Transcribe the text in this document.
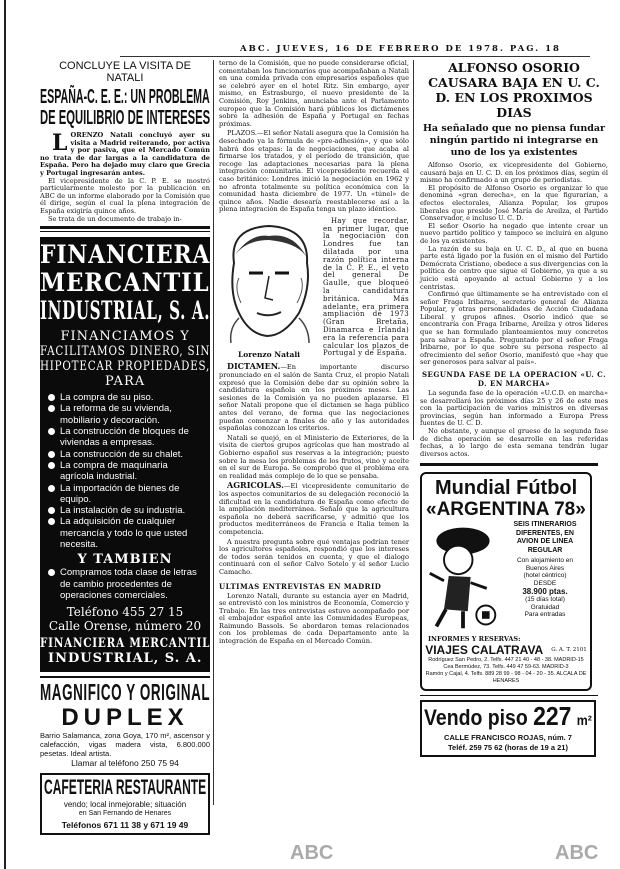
ABC. JUEVES, 16 DE FEBRERO DE 1978. PAG. 18
CONCLUYE LA VISITA DE NATALI
ESPAÑA-C. E. E.: UN PROBLEMA
DE EQUILIBRIO DE INTERESES
L ORENZO Natali concluyó ayer su visita a Madrid reiterando, por activa y por pasiva, que el Mercado Común no trata de dar largas a la candidatura de España. Pero ha dejado muy claro que Grecia y Portugal ingresarán antes.

El vicepresidente de la C. P. E. se mostró particularmente molesto por la publicación en ABC de un informe elaborado por la Comisión que él dirige, según el cual la plena integración de España exigiría quince años.

Se trata de un documento de trabajo in-

FINANCIERA
MERCANTIL
INDUSTRIAL, S. A.
FINANCIAMOS Y
FACILITAMOS DINERO, SIN
HIPOTECAR PROPIEDADES,
PARA
La compra de su piso.
La reforma de su vivienda, mobiliario y decoración.
La construcción de bloques de viviendas a empresas.
La construcción de su chalet.
La compra de maquinaria agrícola industrial.
La importación de bienes de equipo.
La instalación de su industria.
La adquisición de cualquier mercancía y todo lo que usted necesita.
Y TAMBIEN
Compramos toda clase de letras de cambio procedentes de operaciones comerciales.
Teléfono 455 27 15
Calle Orense, número 20
FINANCIERA MERCANTIL
INDUSTRIAL, S. A.
MAGNIFICO Y ORIGINAL
DUPLEX
Barrio Salamanca, zona Goya, 170 m², ascensor y calefacción, vigas madera vista, 6.800.000 pesetas. Ideal artista.
Llamar al teléfono 250 75 94
CAFETERIA RESTAURANTE
vendo; local inmejorable; situación
en San Fernando de Henares
Teléfonos 671 11 38 y 671 19 49

terno de la Comisión, que no puede considerarse oficial, comentaban los funcionarios que acompañaban a Natali en una comida privada con empresarios españoles que se celebró ayer en el hotel Ritz. Sin embargo, ayer mismo, en Estrasburgo, el nuevo presidente de la Comisión, Roy Jenkins, anunciaba ante el Parlamento europeo que la Comisión hará públicos los dictámenes sobre la adhesión de España y Portugal en fechas próximas.

PLAZOS.—El señor Natali asegura que la Comisión ha desechado ya la fórmula de «pre-adhesión», y que sólo habrá dos etapas: la de negociaciones, que acaba al firmarse los tratados, y el período de transición, que recoge las adaptaciones necesarias para la plena integración comunitaria. El vicepresidente recuerda el caso británico: Londres inició la negociación en 1962 y no afronta totalmente su política económica con la comunidad hasta diciembre de 1977. Un «túnel» de quince años. Nadie desearía reestablecerse así a la plena integración de España tenga un plazo idéntico.

Lorenzo Natali

Hay que recordar, en primer lugar, que la negociación con Londres fue tan dilatada por una razón política interna de la C. P. E., el veto del general De Gaulle, que bloqueó la candidatura británica. Más adelante, era primera ampliación de 1973 (Gran Bretaña, Dinamarca e Irlanda) era la referencia para calcular los plazos de Portugal y de España.

DICTAMEN.—En importante discurso pronunciado en el salón de Santa Cruz, el propio Natali expresó que la Comisión debe dar su opinión sobre la candidatura española en los próximos meses. Las sesiones de la Comisión ya no pueden aplazarse. El señor Natali propone que el dictamen se haga público antes del verano, de forma que las negociaciones puedan comenzar a finales de año y las autoridades españolas conozcan los criterios.

Natali se quejó, en el Ministerio de Exteriores, de la visita de ciertos grupos agrícolas que han mostrado al Gobierno español sus reservas a la integración; puesto sobre la mesa los problemas de los frutos, vino y aceite en el sur de Europa. Se comprobó que el problema era en realidad más complejo de lo que se pensaba.

AGRICOLAS.—El vicepresidente comunitario de los aspectos comunitarios de su delegación reconoció la dificultad en la candidatura de España como efecto de la ampliación mediterránea. Señaló que la agricultura española no deberá sacrificarse, y admitió que los productos mediterráneos de Francia e Italia temen la competencia.

A nuestra pregunta sobre qué ventajas podrían tener los agricultores españoles, respondió que los intereses de todos serán tenidos en cuenta, y que el dialogo continuará con el señor Calvo Sotelo y el señor Lucio Camacho.

ULTIMAS ENTREVISTAS EN MADRID

Lorenzo Natali, durante su estancia ayer en Madrid, se entrevistó con los ministros de Economía, Comercio y Trabajo. En las tres entrevistas estuvo acompañado por el embajador español ante las Comunidades Europeas, Raimundo Bassols. Se abordaron temas relacionados con los problemas de cada Departamento ante la integración de España en el Mercado Común.

ALFONSO OSORIO CAUSARA BAJA EN U. C. D. EN LOS PROXIMOS DIAS
Ha señalado que no piensa fundar ningún partido ni integrarse en uno de los ya existentes

Alfonso Osorio, ex vicepresidente del Gobierno, causará baja en U. C. D. en los próximos días, según él mismo ha confirmado a un grupo de periodistas.

El propósito de Alfonso Osorio es organizar lo que denomina «gran derecha», en la que figurarían, a efectos electorales, Alianza Popular, los grupos liberales que preside José María de Areilza, el Partido Conservador, e incluso U. C. D.

El señor Osorio ha negado que intente crear un nuevo partido político y tampoco se incluirá en alguno de los ya existentes.

La razón de su baja en U. C. D., al que en buena parte está ligado por la fusión en el mismo del Partido Demócrata Cristiano, obedece a sus divergencias con la política de centro que sigue el Gobierno, ya que a su juicio está apoyando al actual Gobierno y a los centristas.

Confirmó que últimamente se ha entrevistado con el señor Fraga Iribarne, secretario general de Alianza Popular, y otras personalidades de Acción Ciudadana Liberal y grupos afines. Osorio indicó que se encontraría con Fraga Iribarne, Areilza y otros líderes que se han formulado planteamientos muy concretos para salvar a España. Preguntado por el señor Fraga Iribarne, por lo que sobre su persona respecto al ofrecimiento del señor Osorio, manifestó que «hay que ser generosos para salvar al país».

SEGUNDA FASE DE LA OPERACION «U. C. D. EN MARCHA»

La segunda fase de la operación «U.C.D. en marcha» se desarrollará los próximos días 25 y 26 de este mes con la participación de varios ministros en diversas provincias, según han informado a Europa Press fuentes de U. C. D.

No obstante, y aunque el grueso de la segunda fase de dicha operación se desarrolle en las referidas fechas, a lo largo de esta semana tendrán lugar diversos actos.

Mundial Fútbol
«ARGENTINA 78»
SEIS ITINERARIOS
DIFERENTES, EN
AVION DE LINEA
REGULAR
Con alojamiento en
Buenos Aires
(hotel céntrico)
DESDE
38.900 ptas.
(15 días total)
Gratuidad
Para entradas
INFORMES Y RESERVAS:
VIAJES CALATRAVA G. A. T. 2101
Rodríguez San Pedro, 2. Telfs. 447 21 40 - 48 - 38. MADRID-15
Cea Bermúdez, 73. Telfs. 449 47 59-63. MADRID-3
Ramón y Cajal, 4. Telfs. 889 28 99 - 98 - 04 - 20 - 35. ALCALA DE HENARES
Vendo piso 227 m²
CALLE FRANCISCO ROJAS, núm. 7
Teléf. 259 75 62 (horas de 19 a 21)
ABC	ABC
